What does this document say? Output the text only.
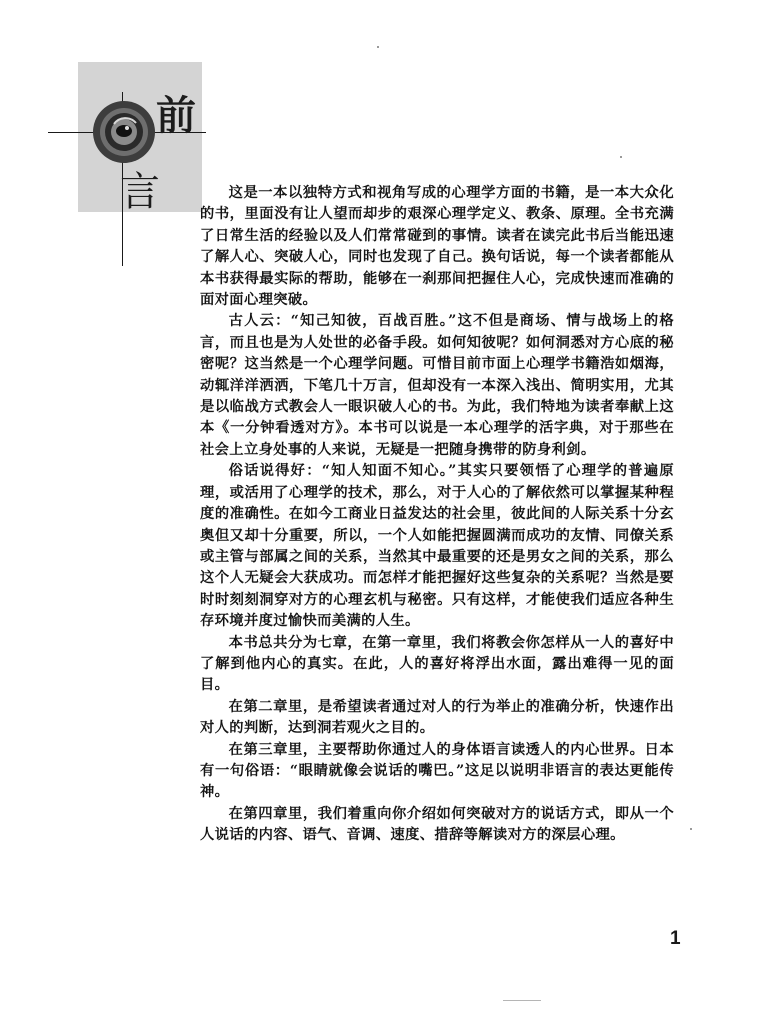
前
言	这是一本以独特方式和视角写成的心理学方面的书籍，是一本大众化的书，里面没有让人望而却步的艰深心理学定义、教条、原理。全书充满了日常生活的经验以及人们常常碰到的事情。读者在读完此书后当能迅速了解人心、突破人心，同时也发现了自己。换句话说，每一个读者都能从本书获得最实际的帮助，能够在一刹那间把握住人心，完成快速而准确的面对面心理突破。

古人云：“知己知彼，百战百胜。”这不但是商场、情与战场上的格言，而且也是为人处世的必备手段。如何知彼呢？如何洞悉对方心底的秘密呢？这当然是一个心理学问题。可惜目前市面上心理学书籍浩如烟海，动辄洋洋洒洒，下笔几十万言，但却没有一本深入浅出、简明实用，尤其是以临战方式教会人一眼识破人心的书。为此，我们特地为读者奉献上这本《一分钟看透对方》。本书可以说是一本心理学的活字典，对于那些在社会上立身处事的人来说，无疑是一把随身携带的防身利剑。

俗话说得好：“知人知面不知心。”其实只要领悟了心理学的普遍原理，或活用了心理学的技术，那么，对于人心的了解依然可以掌握某种程度的准确性。在如今工商业日益发达的社会里，彼此间的人际关系十分玄奥但又却十分重要，所以，一个人如能把握圆满而成功的友情、同僚关系或主管与部属之间的关系，当然其中最重要的还是男女之间的关系，那么这个人无疑会大获成功。而怎样才能把握好这些复杂的关系呢？当然是要时时刻刻洞穿对方的心理玄机与秘密。只有这样，才能使我们适应各种生存环境并度过愉快而美满的人生。

本书总共分为七章，在第一章里，我们将教会你怎样从一人的喜好中了解到他内心的真实。在此，人的喜好将浮出水面，露出难得一见的面目。

在第二章里，是希望读者通过对人的行为举止的准确分析，快速作出对人的判断，达到洞若观火之目的。

在第三章里，主要帮助你通过人的身体语言读透人的内心世界。日本有一句俗语：“眼睛就像会说话的嘴巴。”这足以说明非语言的表达更能传神。

在第四章里，我们着重向你介绍如何突破对方的说话方式，即从一个人说话的内容、语气、音调、速度、措辞等解读对方的深层心理。

1
